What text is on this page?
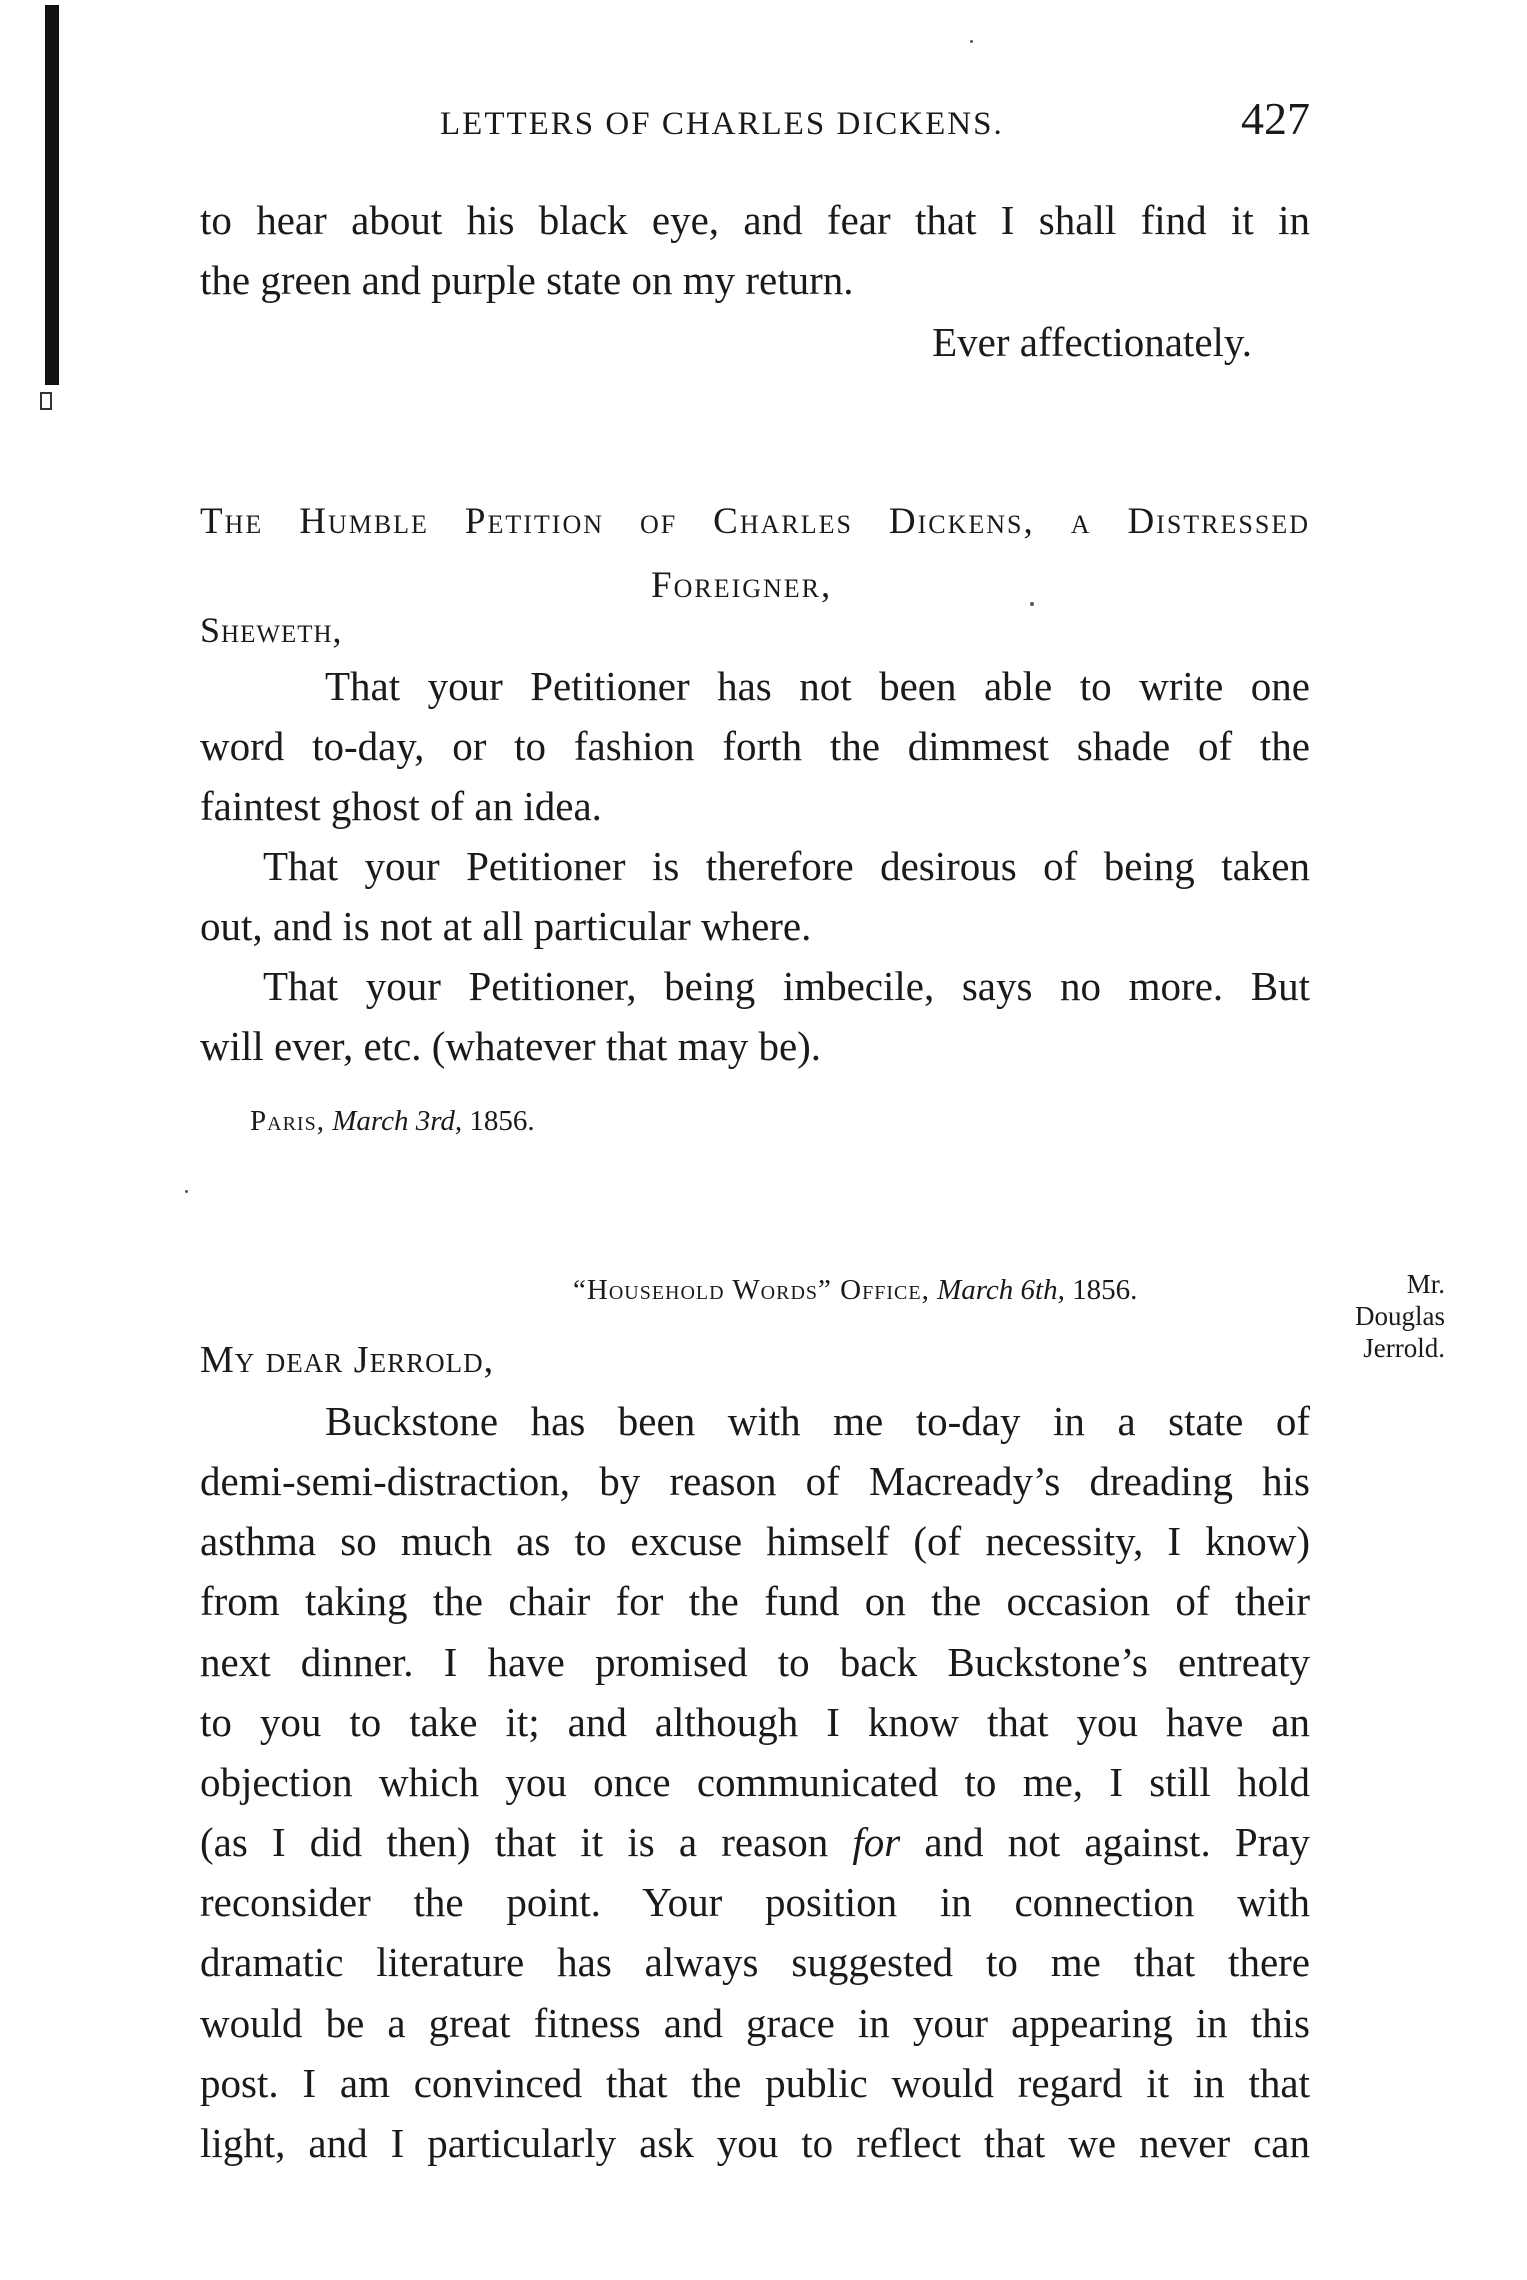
LETTERS OF CHARLES DICKENS.	427
to hear about his black eye, and fear that I shall find it in
the green and purple state on my return.
Ever affectionately.
The Humble Petition of Charles Dickens, a Distressed
Foreigner,
Sheweth,
That your Petitioner has not been able to write one
word to-day, or to fashion forth the dimmest shade of the
faintest ghost of an idea.
That your Petitioner is therefore desirous of being taken
out, and is not at all particular where.
That your Petitioner, being imbecile, says no more. But
will ever, etc. (whatever that may be).
Paris, March 3rd, 1856.
“Household Words” Office, March 6th, 1856.	Mr.
Douglas
Jerrold.
My dear Jerrold,
Buckstone has been with me to-day in a state of
demi-semi-distraction, by reason of Macready’s dreading his
asthma so much as to excuse himself (of necessity, I know)
from taking the chair for the fund on the occasion of their
next dinner. I have promised to back Buckstone’s entreaty
to you to take it; and although I know that you have an
objection which you once communicated to me, I still hold
(as I did then) that it is a reason for and not against. Pray
reconsider the point. Your position in connection with
dramatic literature has always suggested to me that there
would be a great fitness and grace in your appearing in this
post. I am convinced that the public would regard it in that
light, and I particularly ask you to reflect that we never can
